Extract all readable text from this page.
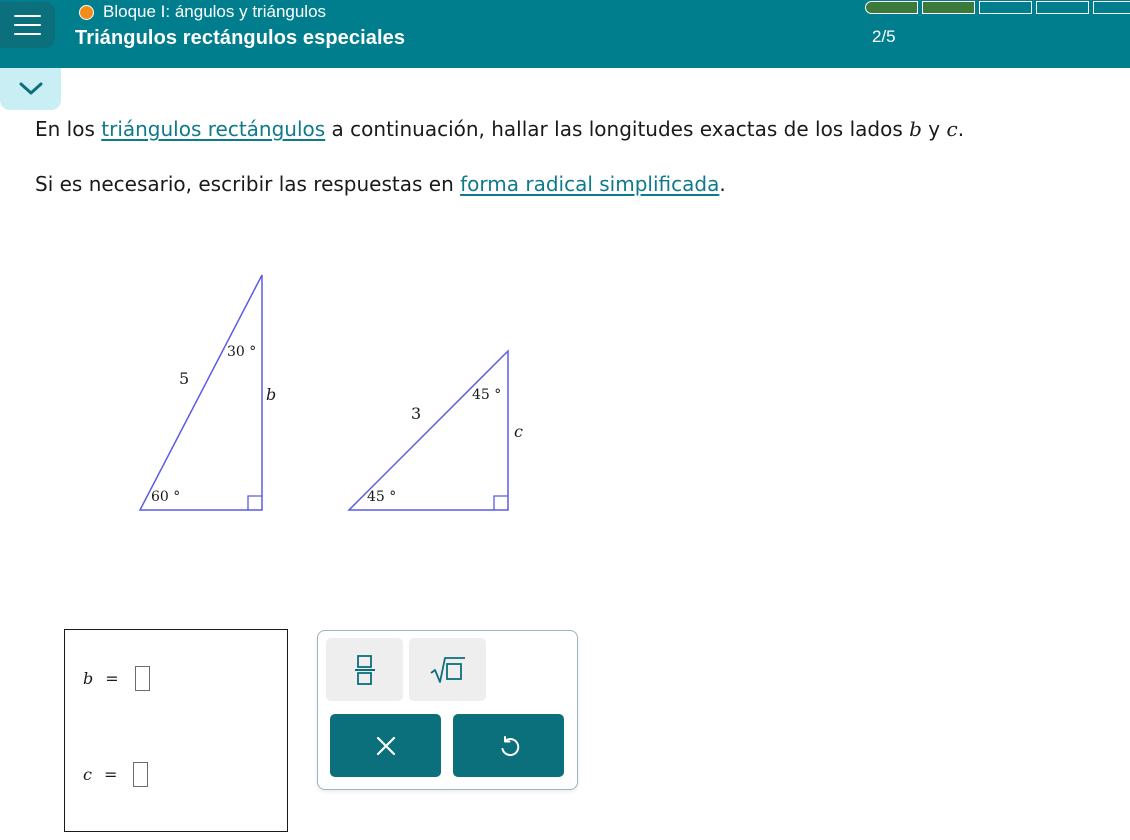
Bloque I: ángulos y triángulos
Triángulos rectángulos especiales	2/5
En los triángulos rectángulos a continuación, hallar las longitudes exactas de los lados b y c.
Si es necesario, escribir las respuestas en forma radical simplificada.
5
b
30 °
60 °
3
c
45 °
45 °
b =
c =
